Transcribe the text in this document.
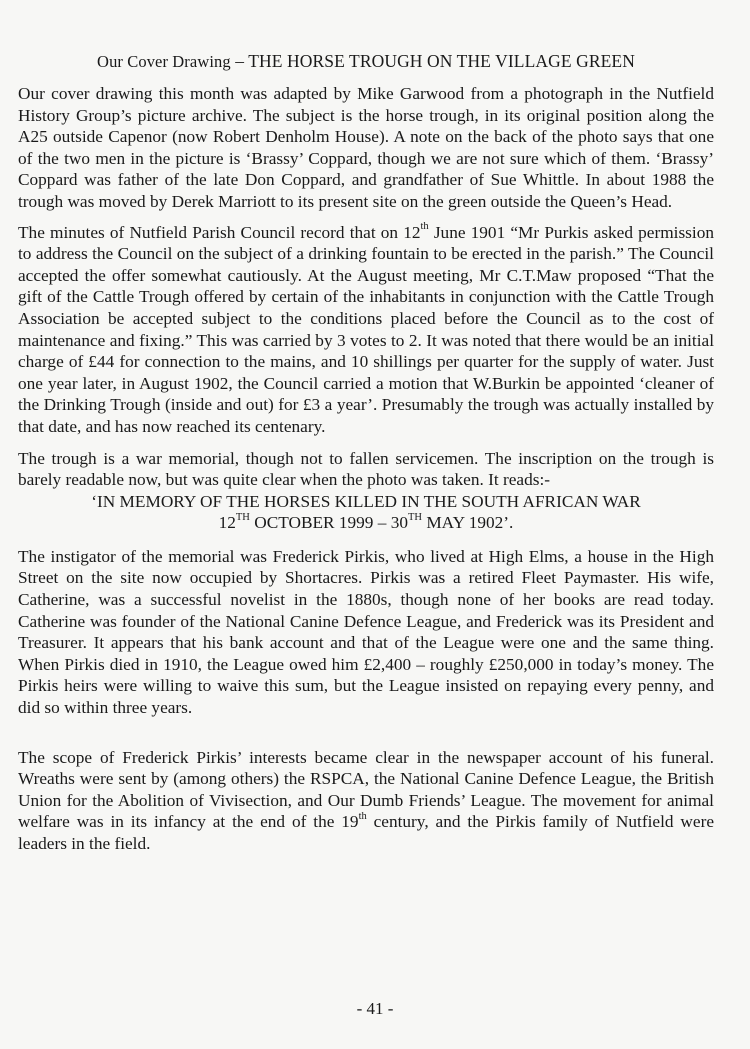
Our Cover Drawing – THE HORSE TROUGH ON THE VILLAGE GREEN

Our cover drawing this month was adapted by Mike Garwood from a photograph in the Nutfield History Group’s picture archive. The subject is the horse trough, in its original position along the A25 outside Capenor (now Robert Denholm House). A note on the back of the photo says that one of the two men in the picture is ‘Brassy’ Coppard, though we are not sure which of them. ‘Brassy’ Coppard was father of the late Don Coppard, and grandfather of Sue Whittle. In about 1988 the trough was moved by Derek Marriott to its present site on the green outside the Queen’s Head.

The minutes of Nutfield Parish Council record that on 12th June 1901 “Mr Purkis asked permission to address the Council on the subject of a drinking fountain to be erected in the parish.” The Council accepted the offer somewhat cautiously. At the August meeting, Mr C.T.Maw proposed “That the gift of the Cattle Trough offered by certain of the inhabitants in conjunction with the Cattle Trough Association be accepted subject to the conditions placed before the Council as to the cost of maintenance and fixing.” This was carried by 3 votes to 2. It was noted that there would be an initial charge of £44 for connection to the mains, and 10 shillings per quarter for the supply of water. Just one year later, in August 1902, the Council carried a motion that W.Burkin be appointed ‘cleaner of the Drinking Trough (inside and out) for £3 a year’. Presumably the trough was actually installed by that date, and has now reached its centenary.

The trough is a war memorial, though not to fallen servicemen. The inscription on the trough is barely readable now, but was quite clear when the photo was taken. It reads:-

‘IN MEMORY OF THE HORSES KILLED IN THE SOUTH AFRICAN WAR
12TH OCTOBER 1999 – 30TH MAY 1902’.

The instigator of the memorial was Frederick Pirkis, who lived at High Elms, a house in the High Street on the site now occupied by Shortacres. Pirkis was a retired Fleet Paymaster. His wife, Catherine, was a successful novelist in the 1880s, though none of her books are read today. Catherine was founder of the National Canine Defence League, and Frederick was its President and Treasurer. It appears that his bank account and that of the League were one and the same thing. When Pirkis died in 1910, the League owed him £2,400 – roughly £250,000 in today’s money. The Pirkis heirs were willing to waive this sum, but the League insisted on repaying every penny, and did so within three years.

The scope of Frederick Pirkis’ interests became clear in the newspaper account of his funeral. Wreaths were sent by (among others) the RSPCA, the National Canine Defence League, the British Union for the Abolition of Vivisection, and Our Dumb Friends’ League. The movement for animal welfare was in its infancy at the end of the 19th century, and the Pirkis family of Nutfield were leaders in the field.

- 41 -
